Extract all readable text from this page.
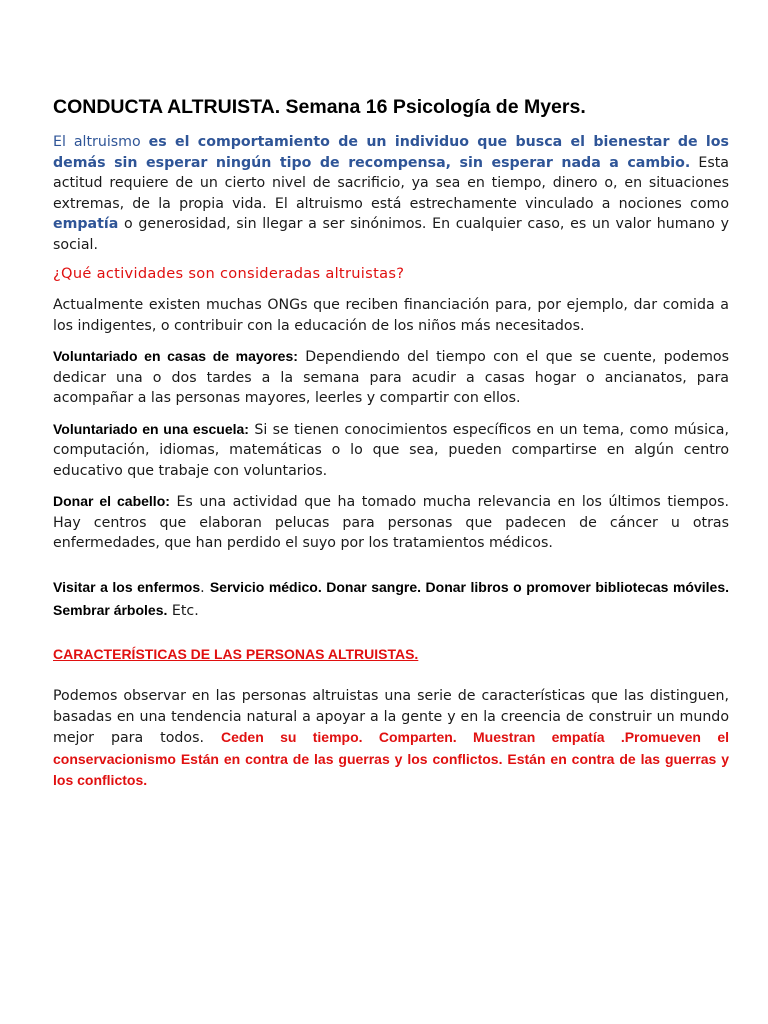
CONDUCTA ALTRUISTA. Semana 16 Psicología de Myers.

El altruismo es el comportamiento de un individuo que busca el bienestar de los demás sin esperar ningún tipo de recompensa, sin esperar nada a cambio. Esta actitud requiere de un cierto nivel de sacrificio, ya sea en tiempo, dinero o, en situaciones extremas, de la propia vida. El altruismo está estrechamente vinculado a nociones como empatía o generosidad, sin llegar a ser sinónimos. En cualquier caso, es un valor humano y social.

¿Qué actividades son consideradas altruistas?

Actualmente existen muchas ONGs que reciben financiación para, por ejemplo, dar comida a los indigentes, o contribuir con la educación de los niños más necesitados.

Voluntariado en casas de mayores: Dependiendo del tiempo con el que se cuente, podemos dedicar una o dos tardes a la semana para acudir a casas hogar o ancianatos, para acompañar a las personas mayores, leerles y compartir con ellos.

Voluntariado en una escuela: Si se tienen conocimientos específicos en un tema, como música, computación, idiomas, matemáticas o lo que sea, pueden compartirse en algún centro educativo que trabaje con voluntarios.

Donar el cabello: Es una actividad que ha tomado mucha relevancia en los últimos tiempos. Hay centros que elaboran pelucas para personas que padecen de cáncer u otras enfermedades, que han perdido el suyo por los tratamientos médicos.

Visitar a los enfermos. Servicio médico. Donar sangre. Donar libros o promover bibliotecas móviles. Sembrar árboles. Etc.

CARACTERÍSTICAS DE LAS PERSONAS ALTRUISTAS.

Podemos observar en las personas altruistas una serie de características que las distinguen, basadas en una tendencia natural a apoyar a la gente y en la creencia de construir un mundo mejor para todos. Ceden su tiempo. Comparten. Muestran empatía .Promueven el conservacionismo Están en contra de las guerras y los conflictos. Están en contra de las guerras y los conflictos.
